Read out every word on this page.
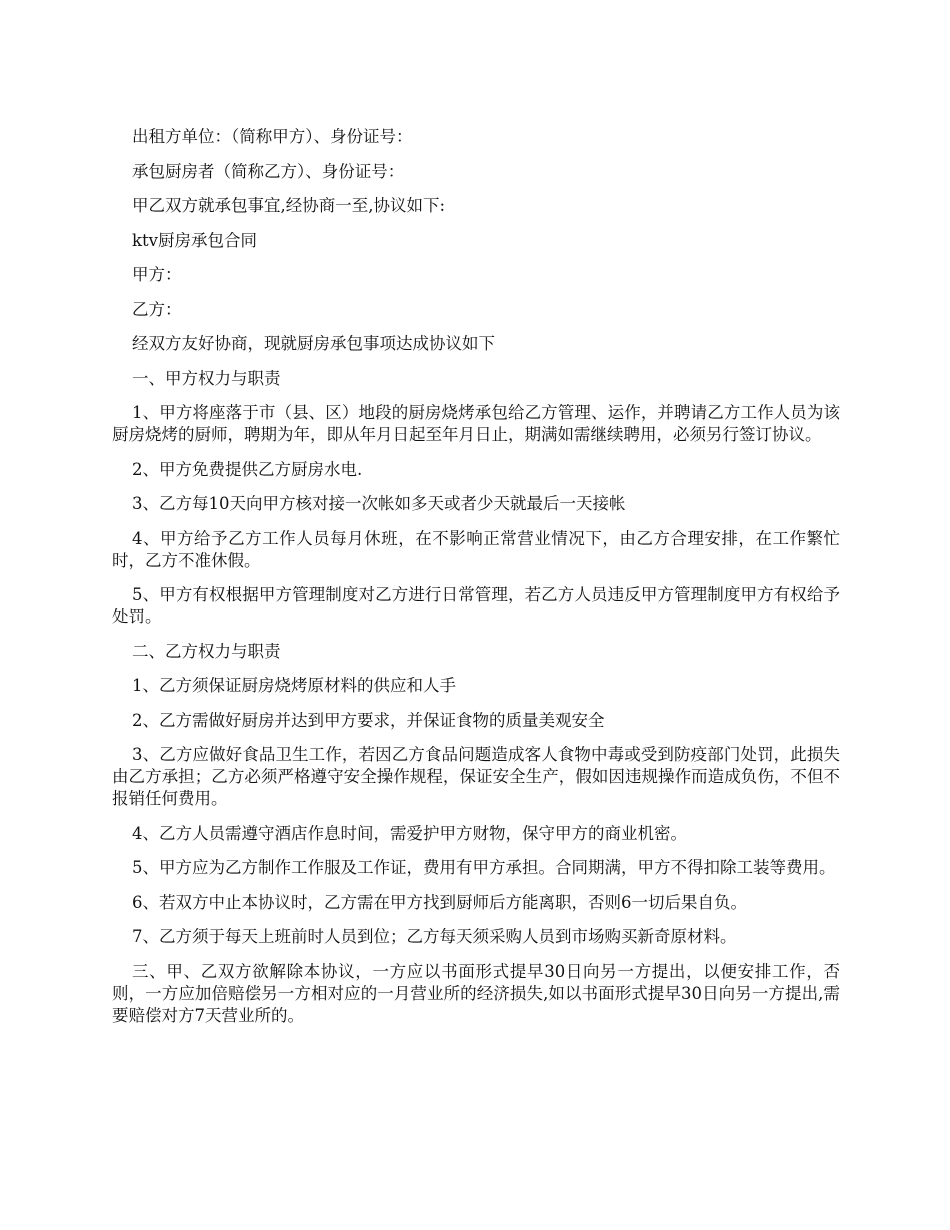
出租方单位：（简称甲方）、身份证号：

承包厨房者（简称乙方）、身份证号：

甲乙双方就承包事宜,经协商一至,协议如下:

ktv厨房承包合同

甲方：

乙方：

经双方友好协商，现就厨房承包事项达成协议如下

一、甲方权力与职责

1、甲方将座落于市（县、区）地段的厨房烧烤承包给乙方管理、运作，并聘请乙方工作人员为该厨房烧烤的厨师，聘期为年，即从年月日起至年月日止，期满如需继续聘用，必须另行签订协议。

2、甲方免费提供乙方厨房水电.

3、乙方每10天向甲方核对接一次帐如多天或者少天就最后一天接帐

4、甲方给予乙方工作人员每月休班，在不影响正常营业情况下，由乙方合理安排，在工作繁忙时，乙方不准休假。

5、甲方有权根据甲方管理制度对乙方进行日常管理，若乙方人员违反甲方管理制度甲方有权给予处罚。

二、乙方权力与职责

1、乙方须保证厨房烧烤原材料的供应和人手

2、乙方需做好厨房并达到甲方要求，并保证食物的质量美观安全

3、乙方应做好食品卫生工作，若因乙方食品问题造成客人食物中毒或受到防疫部门处罚，此损失由乙方承担；乙方必须严格遵守安全操作规程，保证安全生产，假如因违规操作而造成负伤，不但不报销任何费用。

4、乙方人员需遵守酒店作息时间，需爱护甲方财物，保守甲方的商业机密。

5、甲方应为乙方制作工作服及工作证，费用有甲方承担。合同期满，甲方不得扣除工装等费用。

6、若双方中止本协议时，乙方需在甲方找到厨师后方能离职，否则6一切后果自负。

7、乙方须于每天上班前时人员到位；乙方每天须采购人员到市场购买新奇原材料。

三、甲、乙双方欲解除本协议，一方应以书面形式提早30日向另一方提出，以便安排工作，否则，一方应加倍赔偿另一方相对应的一月营业所的经济损失,如以书面形式提早30日向另一方提出,需要赔偿对方7天营业所的。
